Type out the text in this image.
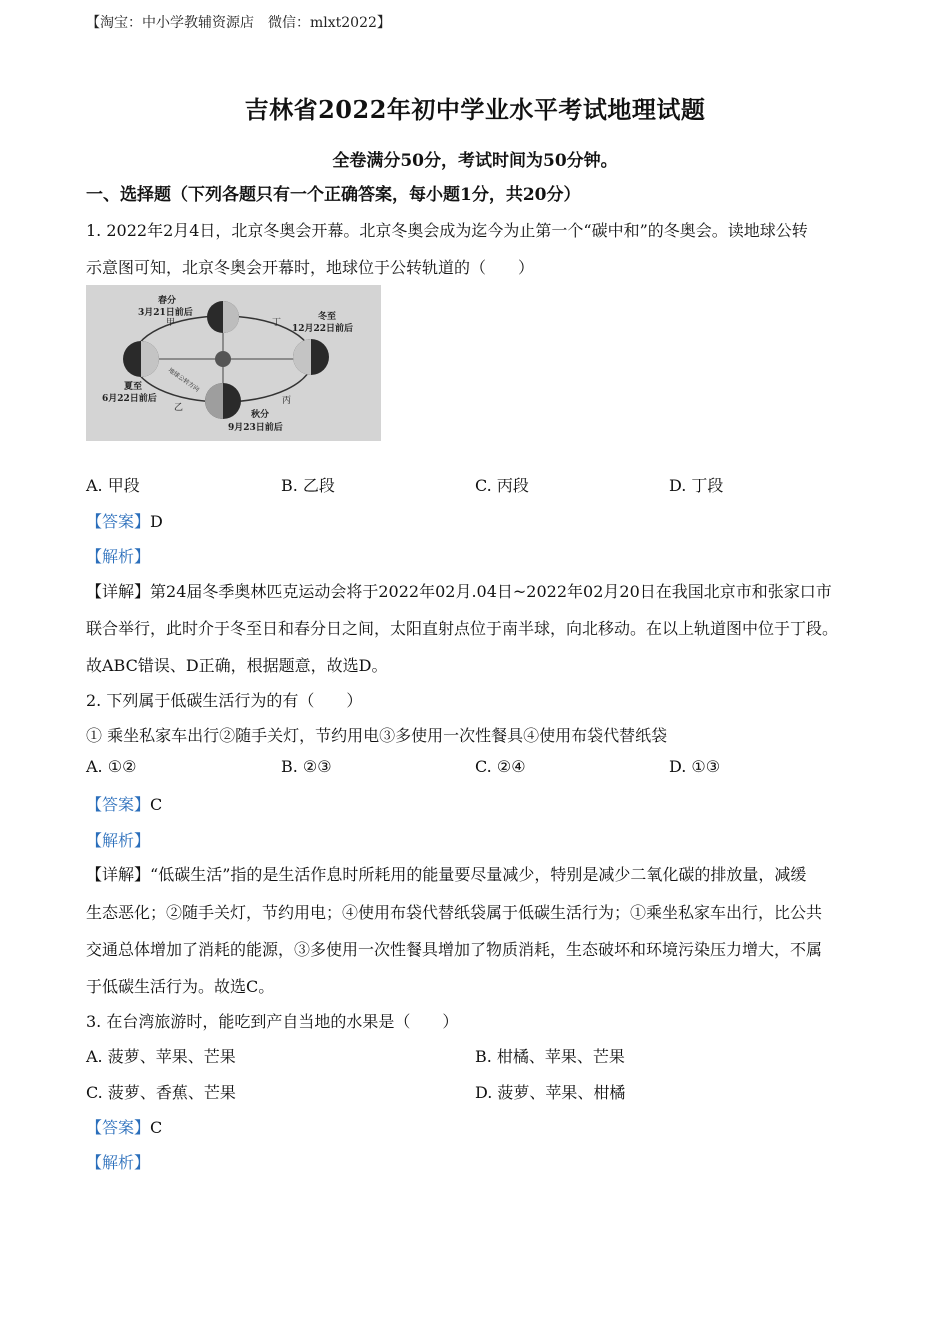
【淘宝：中小学教辅资源店　微信：mlxt2022】
吉林省2022年初中学业水平考试地理试题
全卷满分50分，考试时间为50分钟。
一、选择题（下列各题只有一个正确答案，每小题1分，共20分）
1. 2022年2月4日，北京冬奥会开幕。北京冬奥会成为迄今为止第一个“碳中和”的冬奥会。读地球公转
示意图可知，北京冬奥会开幕时，地球位于公转轨道的（　　）
春分
3月21日前后	冬至
12月22日前后
夏至
6月22日前后
秋分
9月23日前后
甲
乙
丙
丁
地球公转方向
A. 甲段	B. 乙段	C. 丙段	D. 丁段
【答案】D
【解析】
【详解】第24届冬季奥林匹克运动会将于2022年02月.04日~2022年02月20日在我国北京市和张家口市
联合举行，此时介于冬至日和春分日之间，太阳直射点位于南半球，向北移动。在以上轨道图中位于丁段。
故ABC错误、D正确，根据题意，故选D。
2. 下列属于低碳生活行为的有（　　）
① 乘坐私家车出行②随手关灯，节约用电③多使用一次性餐具④使用布袋代替纸袋
A. ①②	B. ②③	C. ②④	D. ①③
【答案】C
【解析】
【详解】“低碳生活”指的是生活作息时所耗用的能量要尽量减少，特别是减少二氧化碳的排放量，减缓
生态恶化；②随手关灯，节约用电；④使用布袋代替纸袋属于低碳生活行为；①乘坐私家车出行，比公共
交通总体增加了消耗的能源，③多使用一次性餐具增加了物质消耗，生态破坏和环境污染压力增大，不属
于低碳生活行为。故选C。
3. 在台湾旅游时，能吃到产自当地的水果是（　　）
A. 菠萝、苹果、芒果	B. 柑橘、苹果、芒果
C. 菠萝、香蕉、芒果	D. 菠萝、苹果、柑橘
【答案】C
【解析】
